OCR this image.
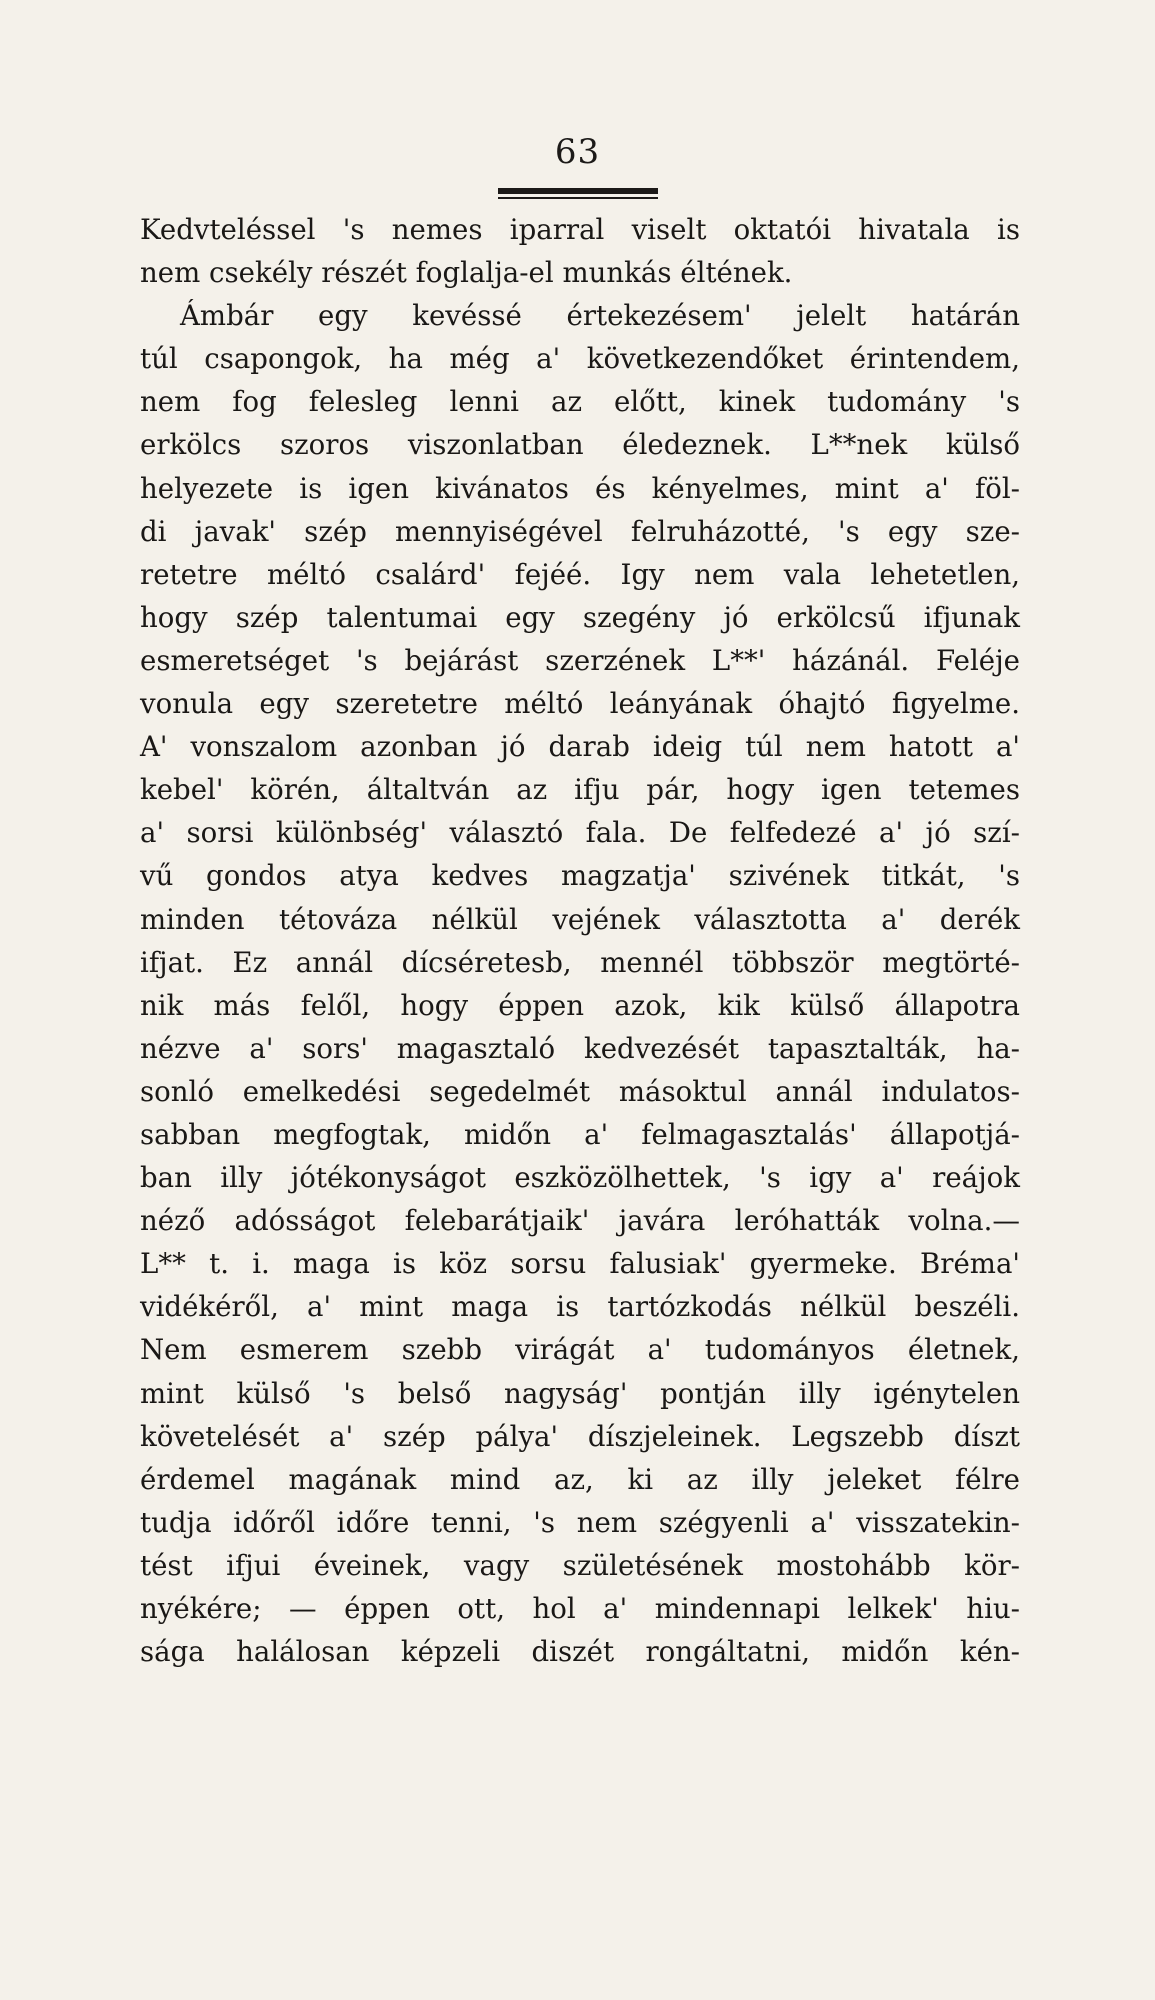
63
Kedvteléssel 's nemes iparral viselt oktatói hivatala is
nem csekély részét foglalja-el munkás éltének.
Ámbár egy kevéssé értekezésem' jelelt határán
túl csapongok, ha még a' következendőket érintendem,
nem fog felesleg lenni az előtt, kinek tudomány 's
erkölcs szoros viszonlatban éledeznek. L**nek külső
helyezete is igen kivánatos és kényelmes, mint a' föl-
di javak' szép mennyiségével felruházotté, 's egy sze-
retetre méltó csalárd' fejéé. Igy nem vala lehetetlen,
hogy szép talentumai egy szegény jó erkölcsű ifjunak
esmeretséget 's bejárást szerzének L**' házánál. Feléje
vonula egy szeretetre méltó leányának óhajtó figyelme.
A' vonszalom azonban jó darab ideig túl nem hatott a'
kebel' körén, általtván az ifju pár, hogy igen tetemes
a' sorsi különbség' választó fala. De felfedezé a' jó szí-
vű gondos atya kedves magzatja' szivének titkát, 's
minden tétováza nélkül vejének választotta a' derék
ifjat. Ez annál dícséretesb, mennél többször megtörté-
nik más felől, hogy éppen azok, kik külső állapotra
nézve a' sors' magasztaló kedvezését tapasztalták, ha-
sonló emelkedési segedelmét másoktul annál indulatos-
sabban megfogtak, midőn a' felmagasztalás' állapotjá-
ban illy jótékonyságot eszközölhettek, 's igy a' reájok
néző adósságot felebarátjaik' javára leróhatták volna.—
L** t. i. maga is köz sorsu falusiak' gyermeke. Bréma'
vidékéről, a' mint maga is tartózkodás nélkül beszéli.
Nem esmerem szebb virágát a' tudományos életnek,
mint külső 's belső nagyság' pontján illy igénytelen
követelését a' szép pálya' díszjeleinek. Legszebb díszt
érdemel magának mind az, ki az illy jeleket félre
tudja időről időre tenni, 's nem szégyenli a' visszatekin-
tést ifjui éveinek, vagy születésének mostohább kör-
nyékére; — éppen ott, hol a' mindennapi lelkek' hiu-
sága halálosan képzeli diszét rongáltatni, midőn kén-
